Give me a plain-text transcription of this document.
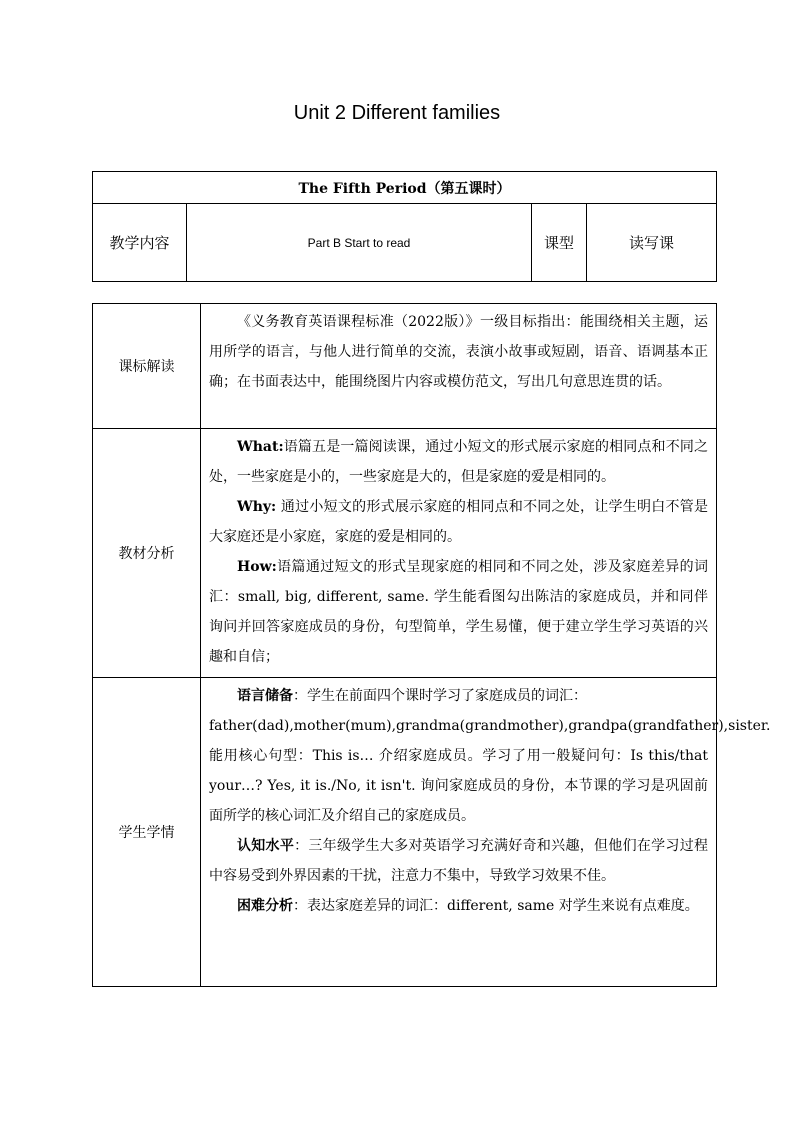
Unit 2 Different families
The Fifth Period（第五课时）
教学内容	Part B Start to read	课型	读写课
课标解读	《义务教育英语课程标准（2022版）》一级目标指出：能围绕相关主题，运用所学的语言，与他人进行简单的交流，表演小故事或短剧，语音、语调基本正确；在书面表达中，能围绕图片内容或模仿范文，写出几句意思连贯的话。

教材分析	What:语篇五是一篇阅读课，通过小短文的形式展示家庭的相同点和不同之处，一些家庭是小的，一些家庭是大的，但是家庭的爱是相同的。

Why: 通过小短文的形式展示家庭的相同点和不同之处，让学生明白不管是大家庭还是小家庭，家庭的爱是相同的。

How:语篇通过短文的形式呈现家庭的相同和不同之处，涉及家庭差异的词汇：small, big, different, same. 学生能看图勾出陈洁的家庭成员，并和同伴询问并回答家庭成员的身份，句型简单，学生易懂，便于建立学生学习英语的兴趣和自信；

学生学情	语言储备：学生在前面四个课时学习了家庭成员的词汇：

father(dad),mother(mum),grandma(grandmother),grandpa(grandfather),sister.

能用核心句型：This is… 介绍家庭成员。学习了用一般疑问句：Is this/that your…? Yes, it is./No, it isn't. 询问家庭成员的身份，本节课的学习是巩固前面所学的核心词汇及介绍自己的家庭成员。

认知水平：三年级学生大多对英语学习充满好奇和兴趣，但他们在学习过程中容易受到外界因素的干扰，注意力不集中，导致学习效果不佳。

困难分析：表达家庭差异的词汇：different, same 对学生来说有点难度。
